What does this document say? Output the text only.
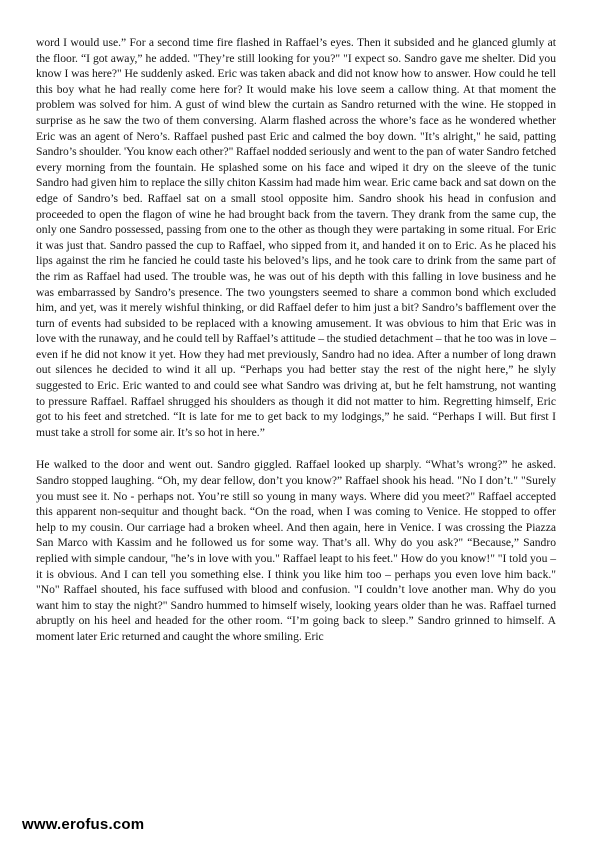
word I would use.” For a second time fire flashed in Raffael’s eyes. Then it subsided and he glanced glumly at the floor. “I got away,” he added. "They’re still looking for you?" "I expect so. Sandro gave me shelter. Did you know I was here?" He suddenly asked. Eric was taken aback and did not know how to answer. How could he tell this boy what he had really come here for? It would make his love seem a callow thing. At that moment the problem was solved for him. A gust of wind blew the curtain as Sandro returned with the wine. He stopped in surprise as he saw the two of them conversing. Alarm flashed across the whore’s face as he wondered whether Eric was an agent of Nero’s. Raffael pushed past Eric and calmed the boy down. "It’s alright," he said, patting Sandro’s shoulder. 'You know each other?" Raffael nodded seriously and went to the pan of water Sandro fetched every morning from the fountain. He splashed some on his face and wiped it dry on the sleeve of the tunic Sandro had given him to replace the silly chiton Kassim had made him wear. Eric came back and sat down on the edge of Sandro’s bed. Raffael sat on a small stool opposite him. Sandro shook his head in confusion and proceeded to open the flagon of wine he had brought back from the tavern. They drank from the same cup, the only one Sandro possessed, passing from one to the other as though they were partaking in some ritual. For Eric it was just that. Sandro passed the cup to Raffael, who sipped from it, and handed it on to Eric. As he placed his lips against the rim he fancied he could taste his beloved’s lips, and he took care to drink from the same part of the rim as Raffael had used. The trouble was, he was out of his depth with this falling in love business and he was embarrassed by Sandro’s presence. The two youngsters seemed to share a common bond which excluded him, and yet, was it merely wishful thinking, or did Raffael defer to him just a bit? Sandro’s bafflement over the turn of events had subsided to be replaced with a knowing amusement. It was obvious to him that Eric was in love with the runaway, and he could tell by Raffael’s attitude – the studied detachment – that he too was in love – even if he did not know it yet. How they had met previously, Sandro had no idea. After a number of long drawn out silences he decided to wind it all up. “Perhaps you had better stay the rest of the night here,” he slyly suggested to Eric. Eric wanted to and could see what Sandro was driving at, but he felt hamstrung, not wanting to pressure Raffael. Raffael shrugged his shoulders as though it did not matter to him. Regretting himself, Eric got to his feet and stretched. “It is late for me to get back to my lodgings,” he said. “Perhaps I will. But first I must take a stroll for some air. It’s so hot in here.”

He walked to the door and went out. Sandro giggled. Raffael looked up sharply. “What’s wrong?” he asked. Sandro stopped laughing. “Oh, my dear fellow, don’t you know?” Raffael shook his head. "No I don’t." "Surely you must see it. No - perhaps not. You’re still so young in many ways. Where did you meet?" Raffael accepted this apparent non-sequitur and thought back. “On the road, when I was coming to Venice. He stopped to offer help to my cousin. Our carriage had a broken wheel. And then again, here in Venice. I was crossing the Piazza San Marco with Kassim and he followed us for some way. That’s all. Why do you ask?" “Because,” Sandro replied with simple candour, "he’s in love with you." Raffael leapt to his feet." How do you know!" "I told you – it is obvious. And I can tell you something else. I think you like him too – perhaps you even love him back." "No" Raffael shouted, his face suffused with blood and confusion. "I couldn’t love another man. Why do you want him to stay the night?" Sandro hummed to himself wisely, looking years older than he was. Raffael turned abruptly on his heel and headed for the other room. “I’m going back to sleep.” Sandro grinned to himself. A moment later Eric returned and caught the whore smiling. Eric

www.erofus.com
